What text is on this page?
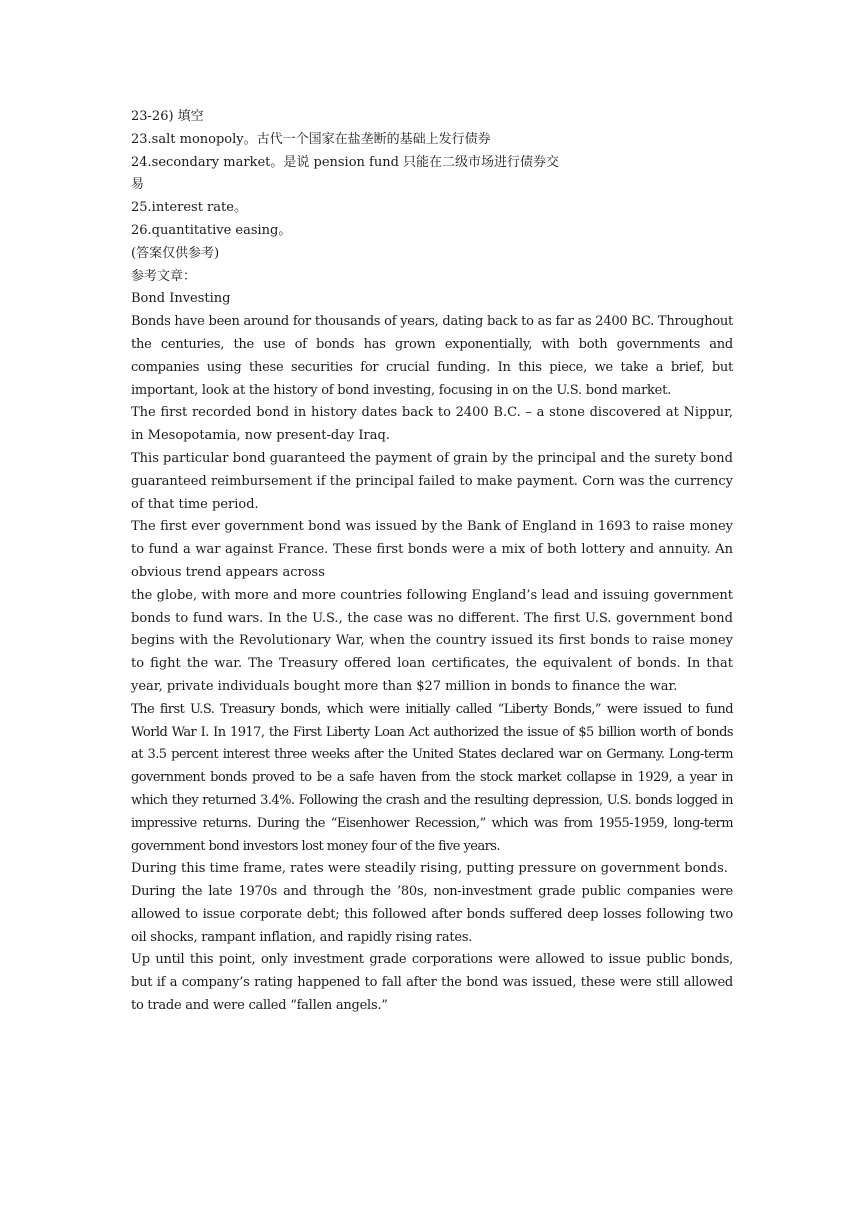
23-26) 填空
23.salt monopoly。古代一个国家在盐垄断的基础上发行债券
24.secondary market。是说 pension fund 只能在二级市场进行债券交
易
25.interest rate。
26.quantitative easing。
(答案仅供参考)
参考文章：
Bond Investing

Bonds have been around for thousands of years, dating back to as far as 2400 BC. Throughout the centuries, the use of bonds has grown exponentially, with both governments and companies using these securities for crucial funding. In this piece, we take a brief, but important, look at the history of bond investing, focusing in on the U.S. bond market.

The first recorded bond in history dates back to 2400 B.C. – a stone discovered at Nippur, in Mesopotamia, now present-day Iraq.

This particular bond guaranteed the payment of grain by the principal and the surety bond guaranteed reimbursement if the principal failed to make payment. Corn was the currency of that time period.

The first ever government bond was issued by the Bank of England in 1693 to raise money to fund a war against France. These first bonds were a mix of both lottery and annuity. An obvious trend appears across

the globe, with more and more countries following England’s lead and issuing government bonds to fund wars. In the U.S., the case was no different. The first U.S. government bond begins with the Revolutionary War, when the country issued its first bonds to raise money to fight the war. The Treasury offered loan certificates, the equivalent of bonds. In that year, private individuals bought more than $27 million in bonds to finance the war.

The first U.S. Treasury bonds, which were initially called “Liberty Bonds,” were issued to fund World War I. In 1917, the First Liberty Loan Act authorized the issue of $5 billion worth of bonds at 3.5 percent interest three weeks after the United States declared war on Germany. Long-term government bonds proved to be a safe haven from the stock market collapse in 1929, a year in which they returned 3.4%. Following the crash and the resulting depression, U.S. bonds logged in impressive returns. During the “Eisenhower Recession,” which was from 1955-1959, long-term government bond investors lost money four of the five years.

During this time frame, rates were steadily rising, putting pressure on government bonds.

During the late 1970s and through the ’80s, non-investment grade public companies were allowed to issue corporate debt; this followed after bonds suffered deep losses following two oil shocks, rampant inflation, and rapidly rising rates.

Up until this point, only investment grade corporations were allowed to issue public bonds, but if a company’s rating happened to fall after the bond was issued, these were still allowed to trade and were called “fallen angels.”
